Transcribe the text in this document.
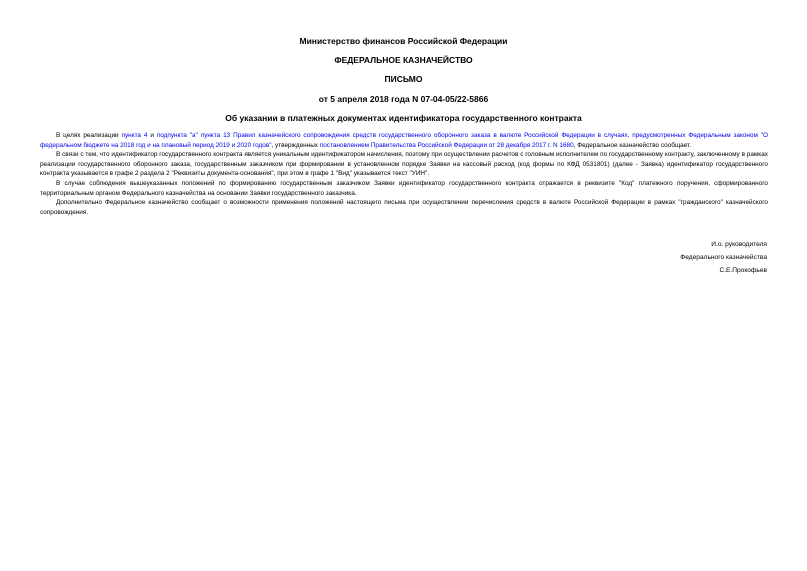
Министерство финансов Российской Федерации
ФЕДЕРАЛЬНОЕ КАЗНАЧЕЙСТВО
ПИСЬМО
от 5 апреля 2018 года N 07-04-05/22-5866
Об указании в платежных документах идентификатора государственного контракта

В целях реализации пункта 4 и подпункта "а" пункта 13 Правил казначейского сопровождения средств государственного оборонного заказа в валюте Российской Федерации в случаях, предусмотренных Федеральным законом "О федеральном бюджете на 2018 год и на плановый период 2019 и 2020 годов", утвержденных постановлением Правительства Российской Федерации от 28 декабря 2017 г. N 1680, Федеральное казначейство сообщает.

В связи с тем, что идентификатор государственного контракта является уникальным идентификатором начисления, поэтому при осуществлении расчетов с головным исполнителем по государственному контракту, заключенному в рамках реализации государственного оборонного заказа, государственным заказчиком при формировании в установленном порядке Заявки на кассовый расход (код формы по КФД 0531801) (далее - Заявка) идентификатор государственного контракта указывается в графе 2 раздела 2 "Реквизиты документа-основания", при этом в графе 1 "Вид" указывается текст "УИН".

В случае соблюдения вышеуказанных положений по формированию государственным заказчиком Заявки идентификатор государственного контракта отражается в реквизите "Код" платежного поручения, сформированного территориальным органом Федерального казначейства на основании Заявки государственного заказчика.

Дополнительно Федеральное казначейство сообщает о возможности применения положений настоящего письма при осуществлении перечисления средств в валюте Российской Федерации в рамках "гражданского" казначейского сопровождения.

И.о. руководителя
Федерального казначейства
С.Е.Прокофьев
